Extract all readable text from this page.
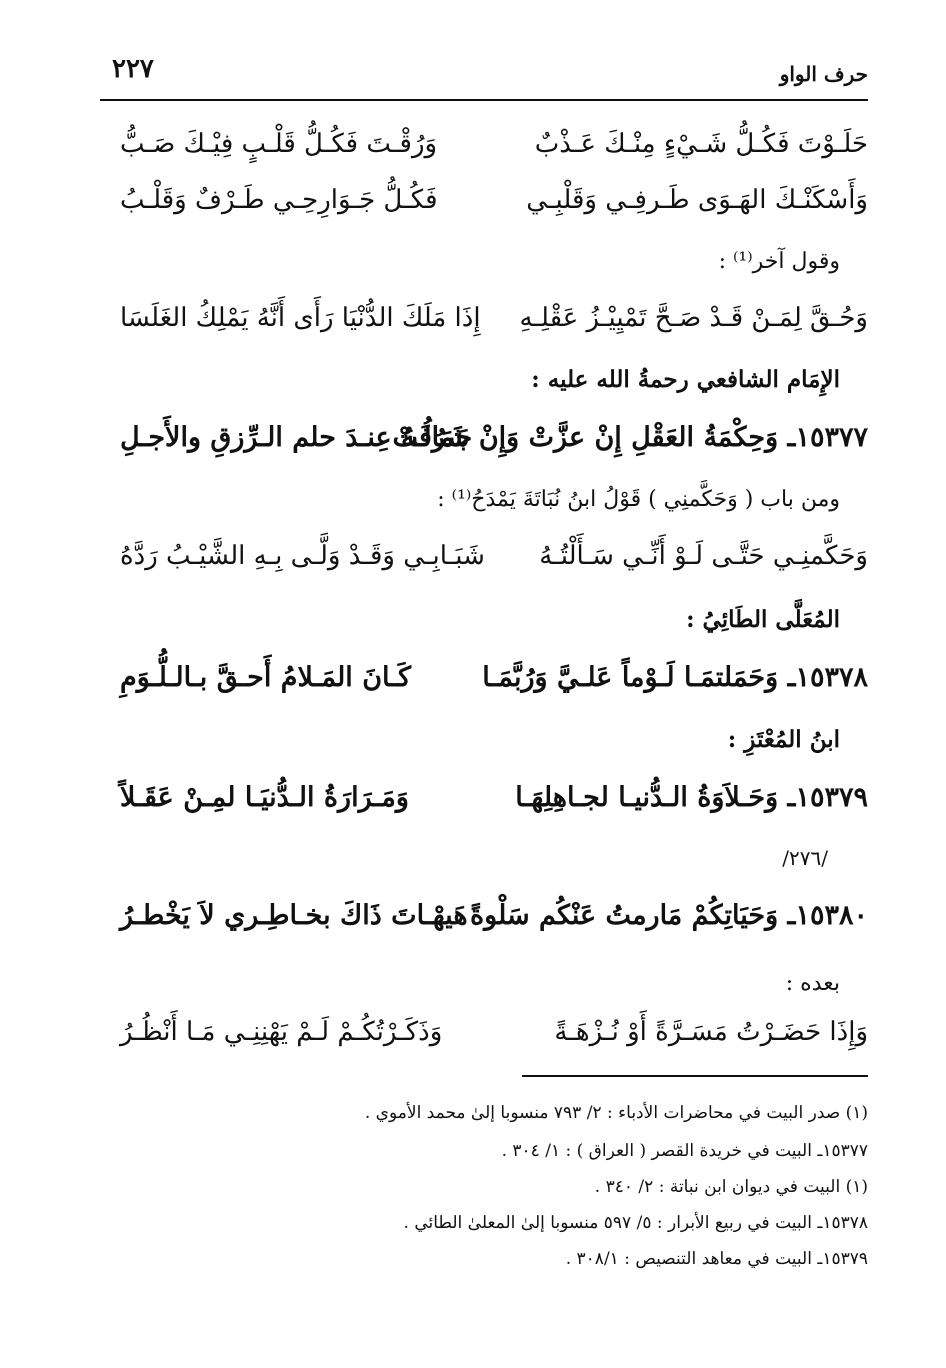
٢٢٧	حرف الواو
حَلَـوْتَ فَكُـلُّ شَـيْءٍ مِنْـكَ عَـذْبٌ
وَرُقْـتَ فَكُـلُّ قَلْـبٍ فِيْـكَ صَـبُّ
وَأَسْكَنْـكَ الهَـوَى طَـرفِـي وَقَلْبِـي
فَكُـلُّ جَـوَارِحِـي طَـرْفٌ وَقَلْـبُ
وقول آخر⁽¹⁾ :
وَحُـقَّ لِمَـنْ قَـدْ صَـحَّ تَمْيِيْـزُ عَقْلِـهِ
إِذَا مَلَكَ الدُّنْيَا رَأَى أَنَّهُ يَمْلِكُ الغَلَسَا
الإِمَام الشافعي رحمةُ الله عليه :
١٥٣٧٧ـ وَحِكْمَةُ العَقْلِ إِنْ عزَّتْ وَإِنْ شَرُفَتْ
جَمَالُـهُ عِنـدَ حلم الـرِّزقِ والأَجـلِ
ومن باب ( وَحَكَّمنِي ) قَوْلُ ابنُ نُبَاتَةَ يَمْدَحُ⁽¹⁾ :
وَحَكَّمنِـي حَتَّـى لَـوْ أَنِّـي سَـأَلْتُـهُ
شَبَـابِـي وَقَـدْ وَلَّـى بِـهِ الشَّيْـبُ رَدَّهُ
المُعَلَّى الطَائِيُ :
١٥٣٧٨ـ وَحَمَلتمَـا لَـوْماً عَلـيَّ وَرُبَّمَـا
كَـانَ المَـلامُ أَحـقَّ بـالـلُّـوَمِ
ابنُ المُعْتَزِ :
١٥٣٧٩ـ وَحَـلاَوَةُ الـدُّنيـا لجـاهِلِهَـا
وَمَـرَارَةُ الـدُّنيَـا لمِـنْ عَقَـلاً
/٢٧٦/
١٥٣٨٠ـ وَحَيَاتِكُمْ مَارمتُ عَنْكُم سَلْوةً
هَيهْـاتَ ذَاكَ بخـاطِـري لاَ يَخْطـرُ
بعده :
وَإِذَا حَضَـرْتُ مَسَـرَّةً أَوْ نُـزْهَـةً
وَذَكَـرْتُكُـمْ لَـمْ يَهْنِنِـي مَـا أَنْظُـرُ
(١) صدر البيت في محاضرات الأدباء : ٢/ ٧٩٣ منسوبا إلىٰ محمد الأموي .
١٥٣٧٧ـ البيت في خريدة القصر ( العراق ) : ١/ ٣٠٤ .
(١) البيت في ديوان ابن نباتة : ٢/ ٣٤٠ .
١٥٣٧٨ـ البيت في ربيع الأبرار : ٥/ ٥٩٧ منسوبا إلىٰ المعلىٰ الطائي .
١٥٣٧٩ـ البيت في معاهد التنصيص : ٣٠٨/١ .
